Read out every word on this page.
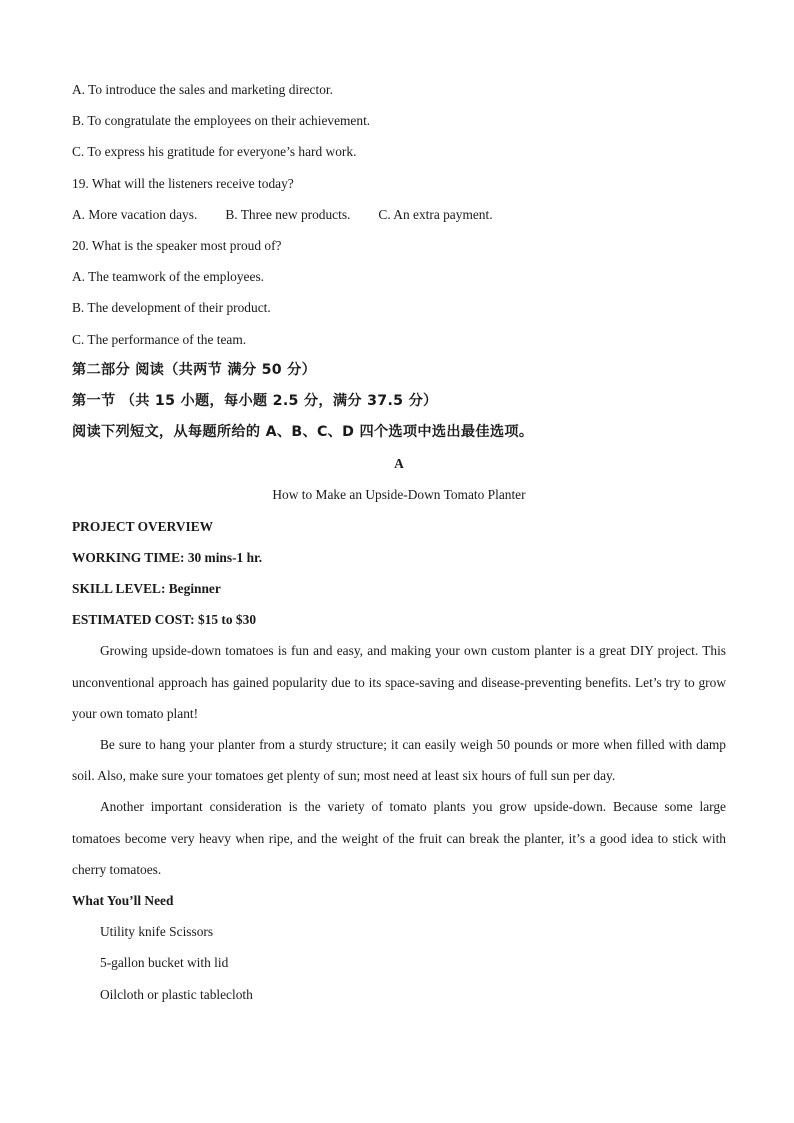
A. To introduce the sales and marketing director.
B. To congratulate the employees on their achievement.
C. To express his gratitude for everyone’s hard work.
19. What will the listeners receive today?
A. More vacation days. B. Three new products. C. An extra payment.
20. What is the speaker most proud of?
A. The teamwork of the employees.
B. The development of their product.
C. The performance of the team.
第二部分 阅读（共两节 满分 50 分）
第一节 （共 15 小题，每小题 2.5 分，满分 37.5 分）
阅读下列短文，从每题所给的 A、B、C、D 四个选项中选出最佳选项。
A
How to Make an Upside-Down Tomato Planter
PROJECT OVERVIEW
WORKING TIME: 30 mins-1 hr.
SKILL LEVEL: Beginner
ESTIMATED COST: $15 to $30

Growing upside-down tomatoes is fun and easy, and making your own custom planter is a great DIY project. This unconventional approach has gained popularity due to its space-saving and disease-preventing benefits. Let’s try to grow your own tomato plant!

Be sure to hang your planter from a sturdy structure; it can easily weigh 50 pounds or more when filled with damp soil. Also, make sure your tomatoes get plenty of sun; most need at least six hours of full sun per day.

Another important consideration is the variety of tomato plants you grow upside-down. Because some large tomatoes become very heavy when ripe, and the weight of the fruit can break the planter, it’s a good idea to stick with cherry tomatoes.

What You’ll Need
Utility knife Scissors
5-gallon bucket with lid
Oilcloth or plastic tablecloth
